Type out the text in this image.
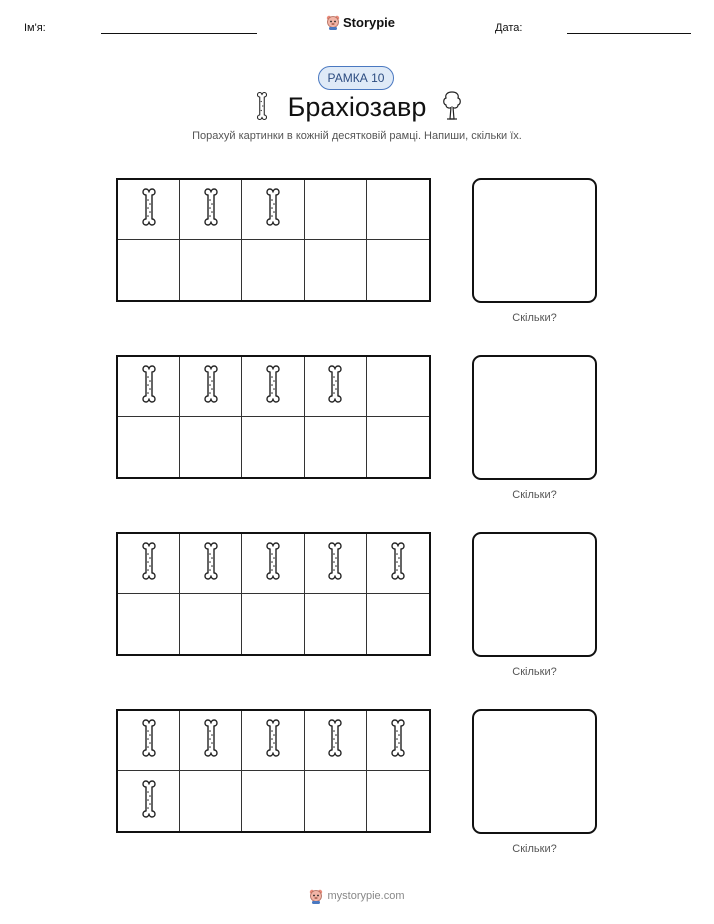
Ім'я:	Storypie	Дата:
РАМКА 10
Брахіозавр
Порахуй картинки в кожній десятковій рамці. Напиши, скільки їх.
Скільки?
Скільки?
Скільки?
Скільки?
mystorypie.com
